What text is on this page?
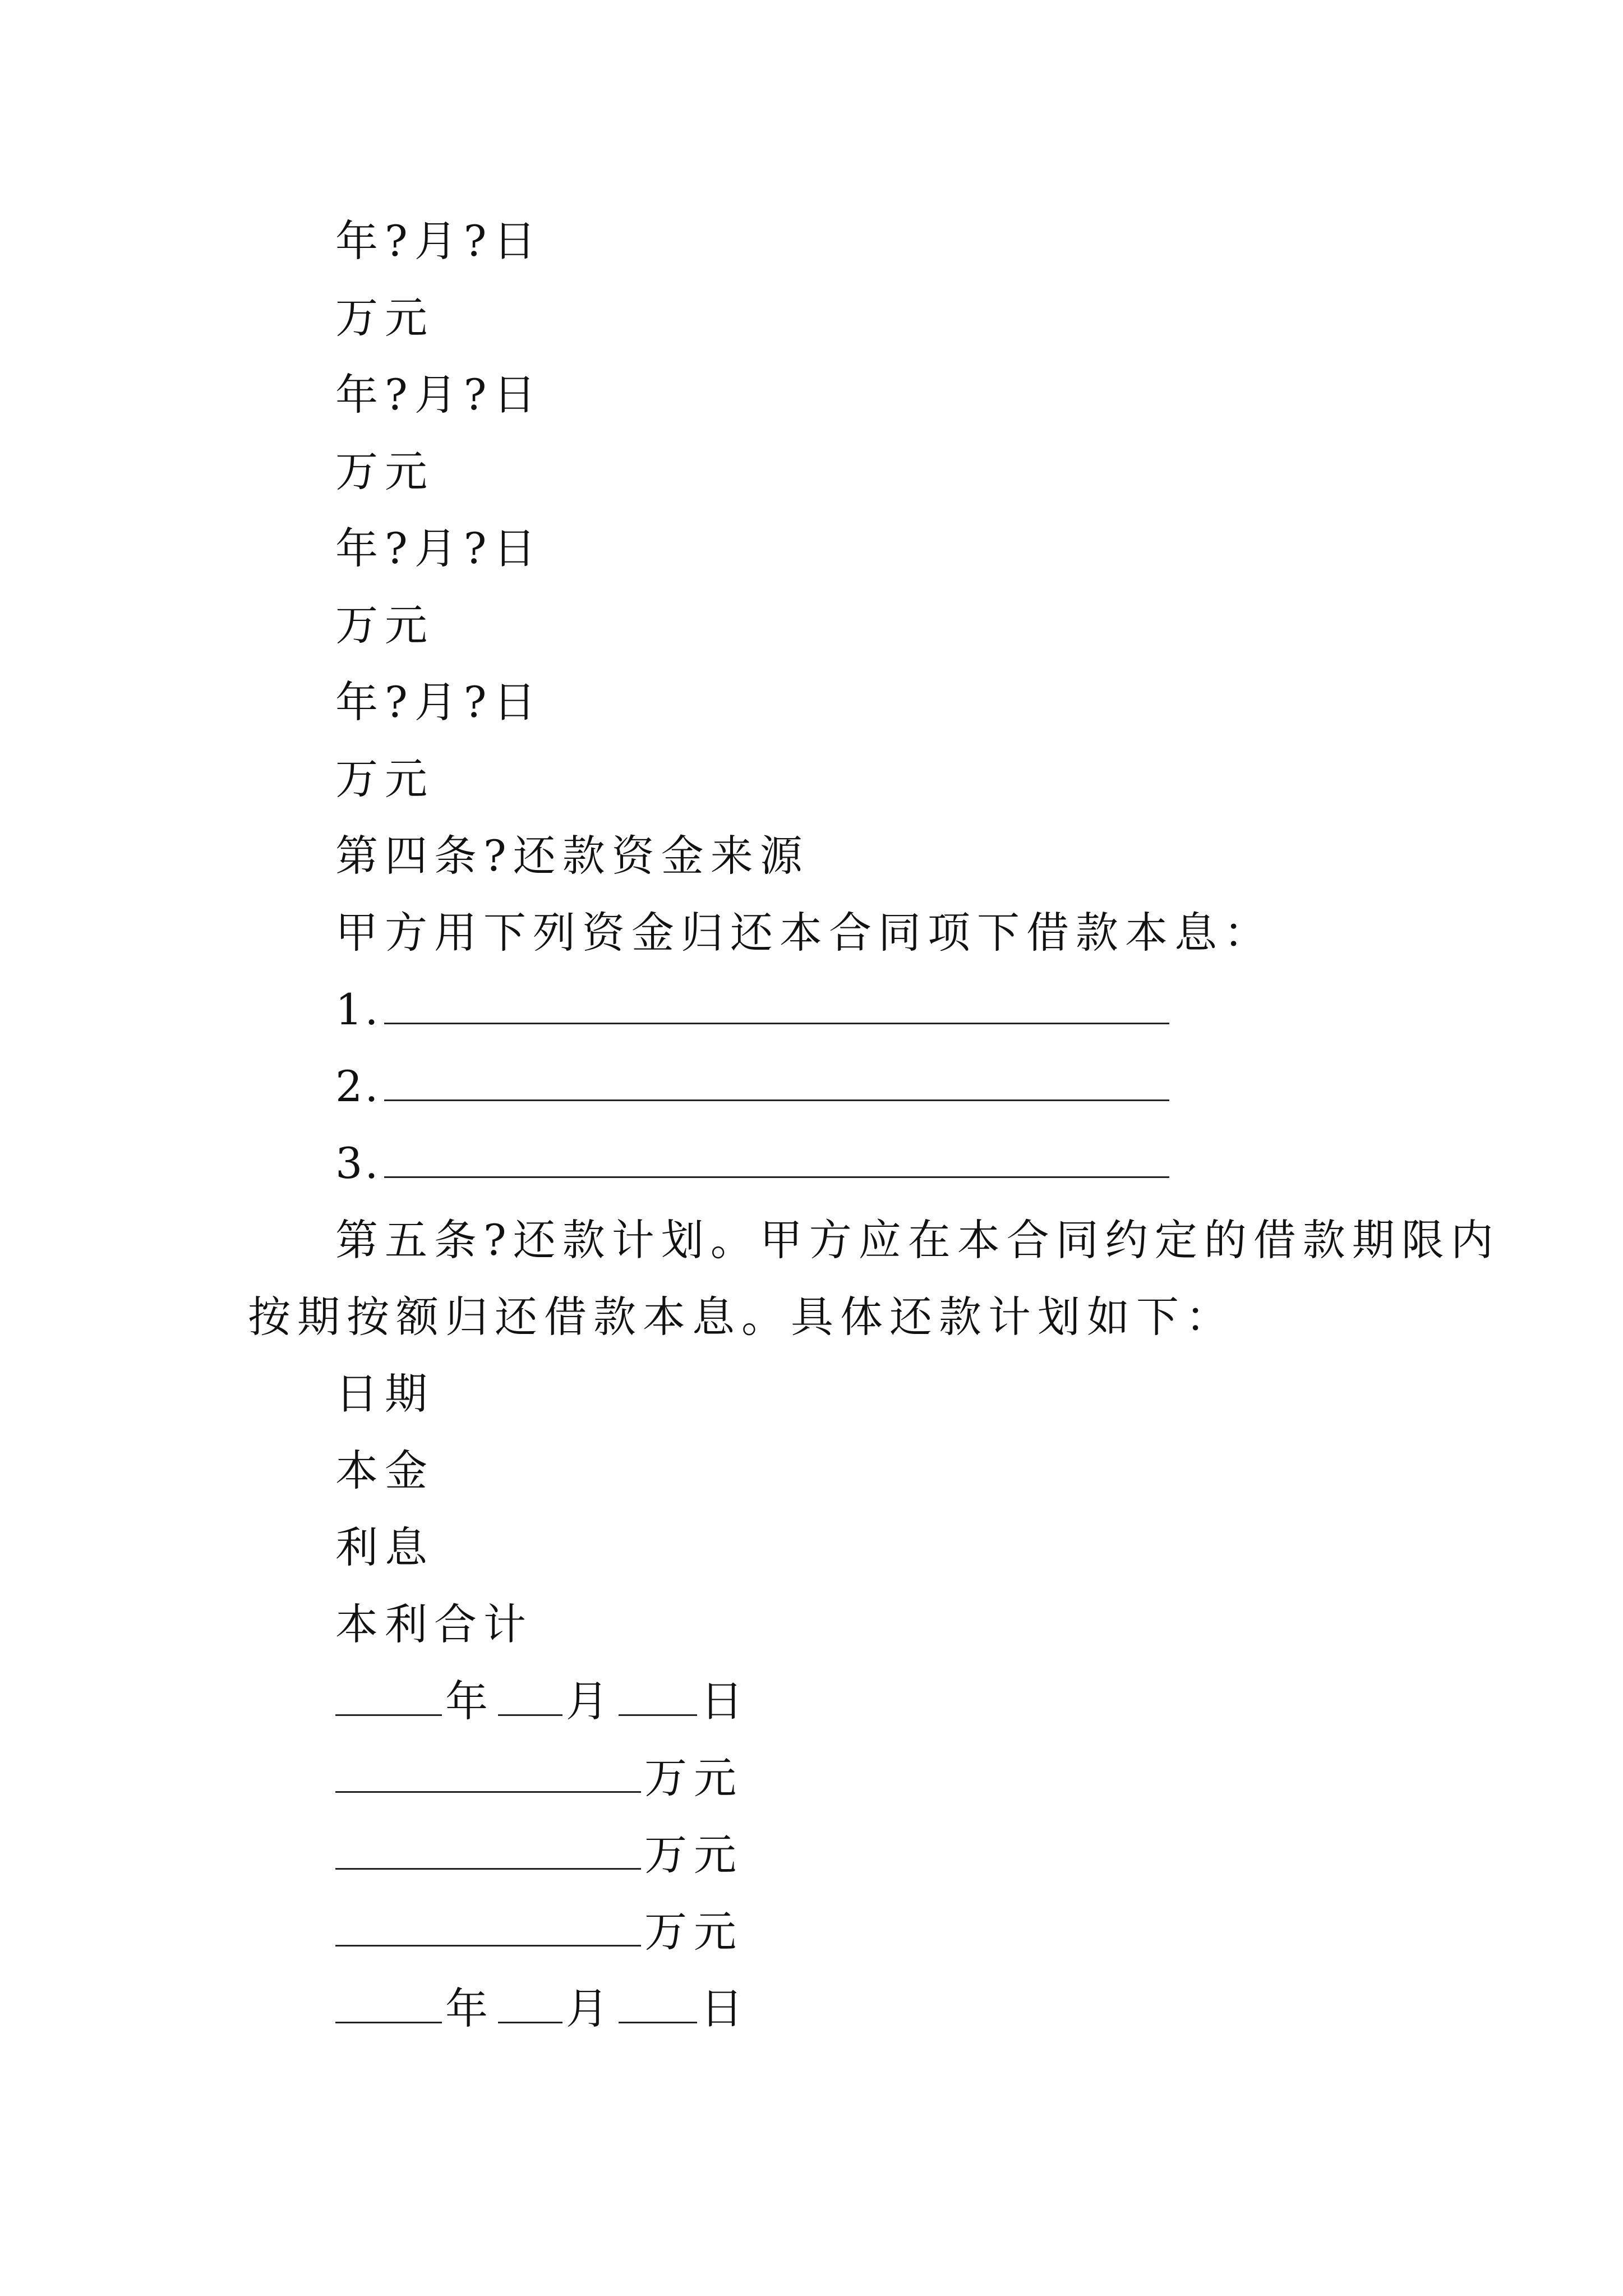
年?月?日
万元
年?月?日
万元
年?月?日
万元
年?月?日
万元
第四条?还款资金来源
甲方用下列资金归还本合同项下借款本息：
1.
2.
3.
第五条?还款计划。甲方应在本合同约定的借款期限内
按期按额归还借款本息。具体还款计划如下：
日期
本金
利息
本利合计
年 月 日
万元
万元
万元
年 月 日
